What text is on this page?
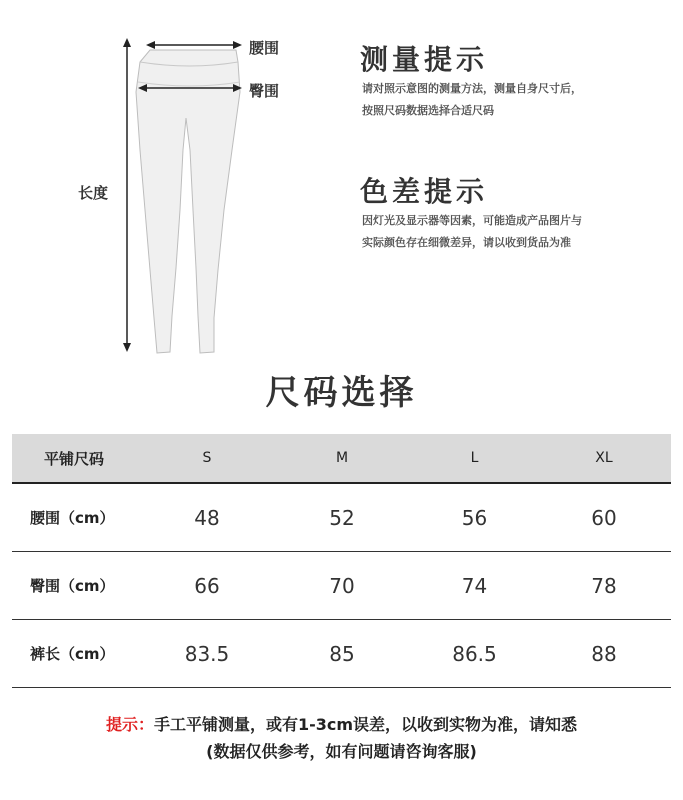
腰围
臀围
长度
测量提示
请对照示意图的测量方法，测量自身尺寸后，
按照尺码数据选择合适尺码
色差提示
因灯光及显示器等因素，可能造成产品图片与
实际颜色存在细微差异，请以收到货品为准
尺码选择
平铺尺码	S	M	L	XL
腰围（cm）	48	52	56	60
臀围（cm）	66	70	74	78
裤长（cm）	83.5	85	86.5	88
提示：手工平铺测量，或有1-3cm误差，以收到实物为准，请知悉
(数据仅供参考，如有问题请咨询客服)
